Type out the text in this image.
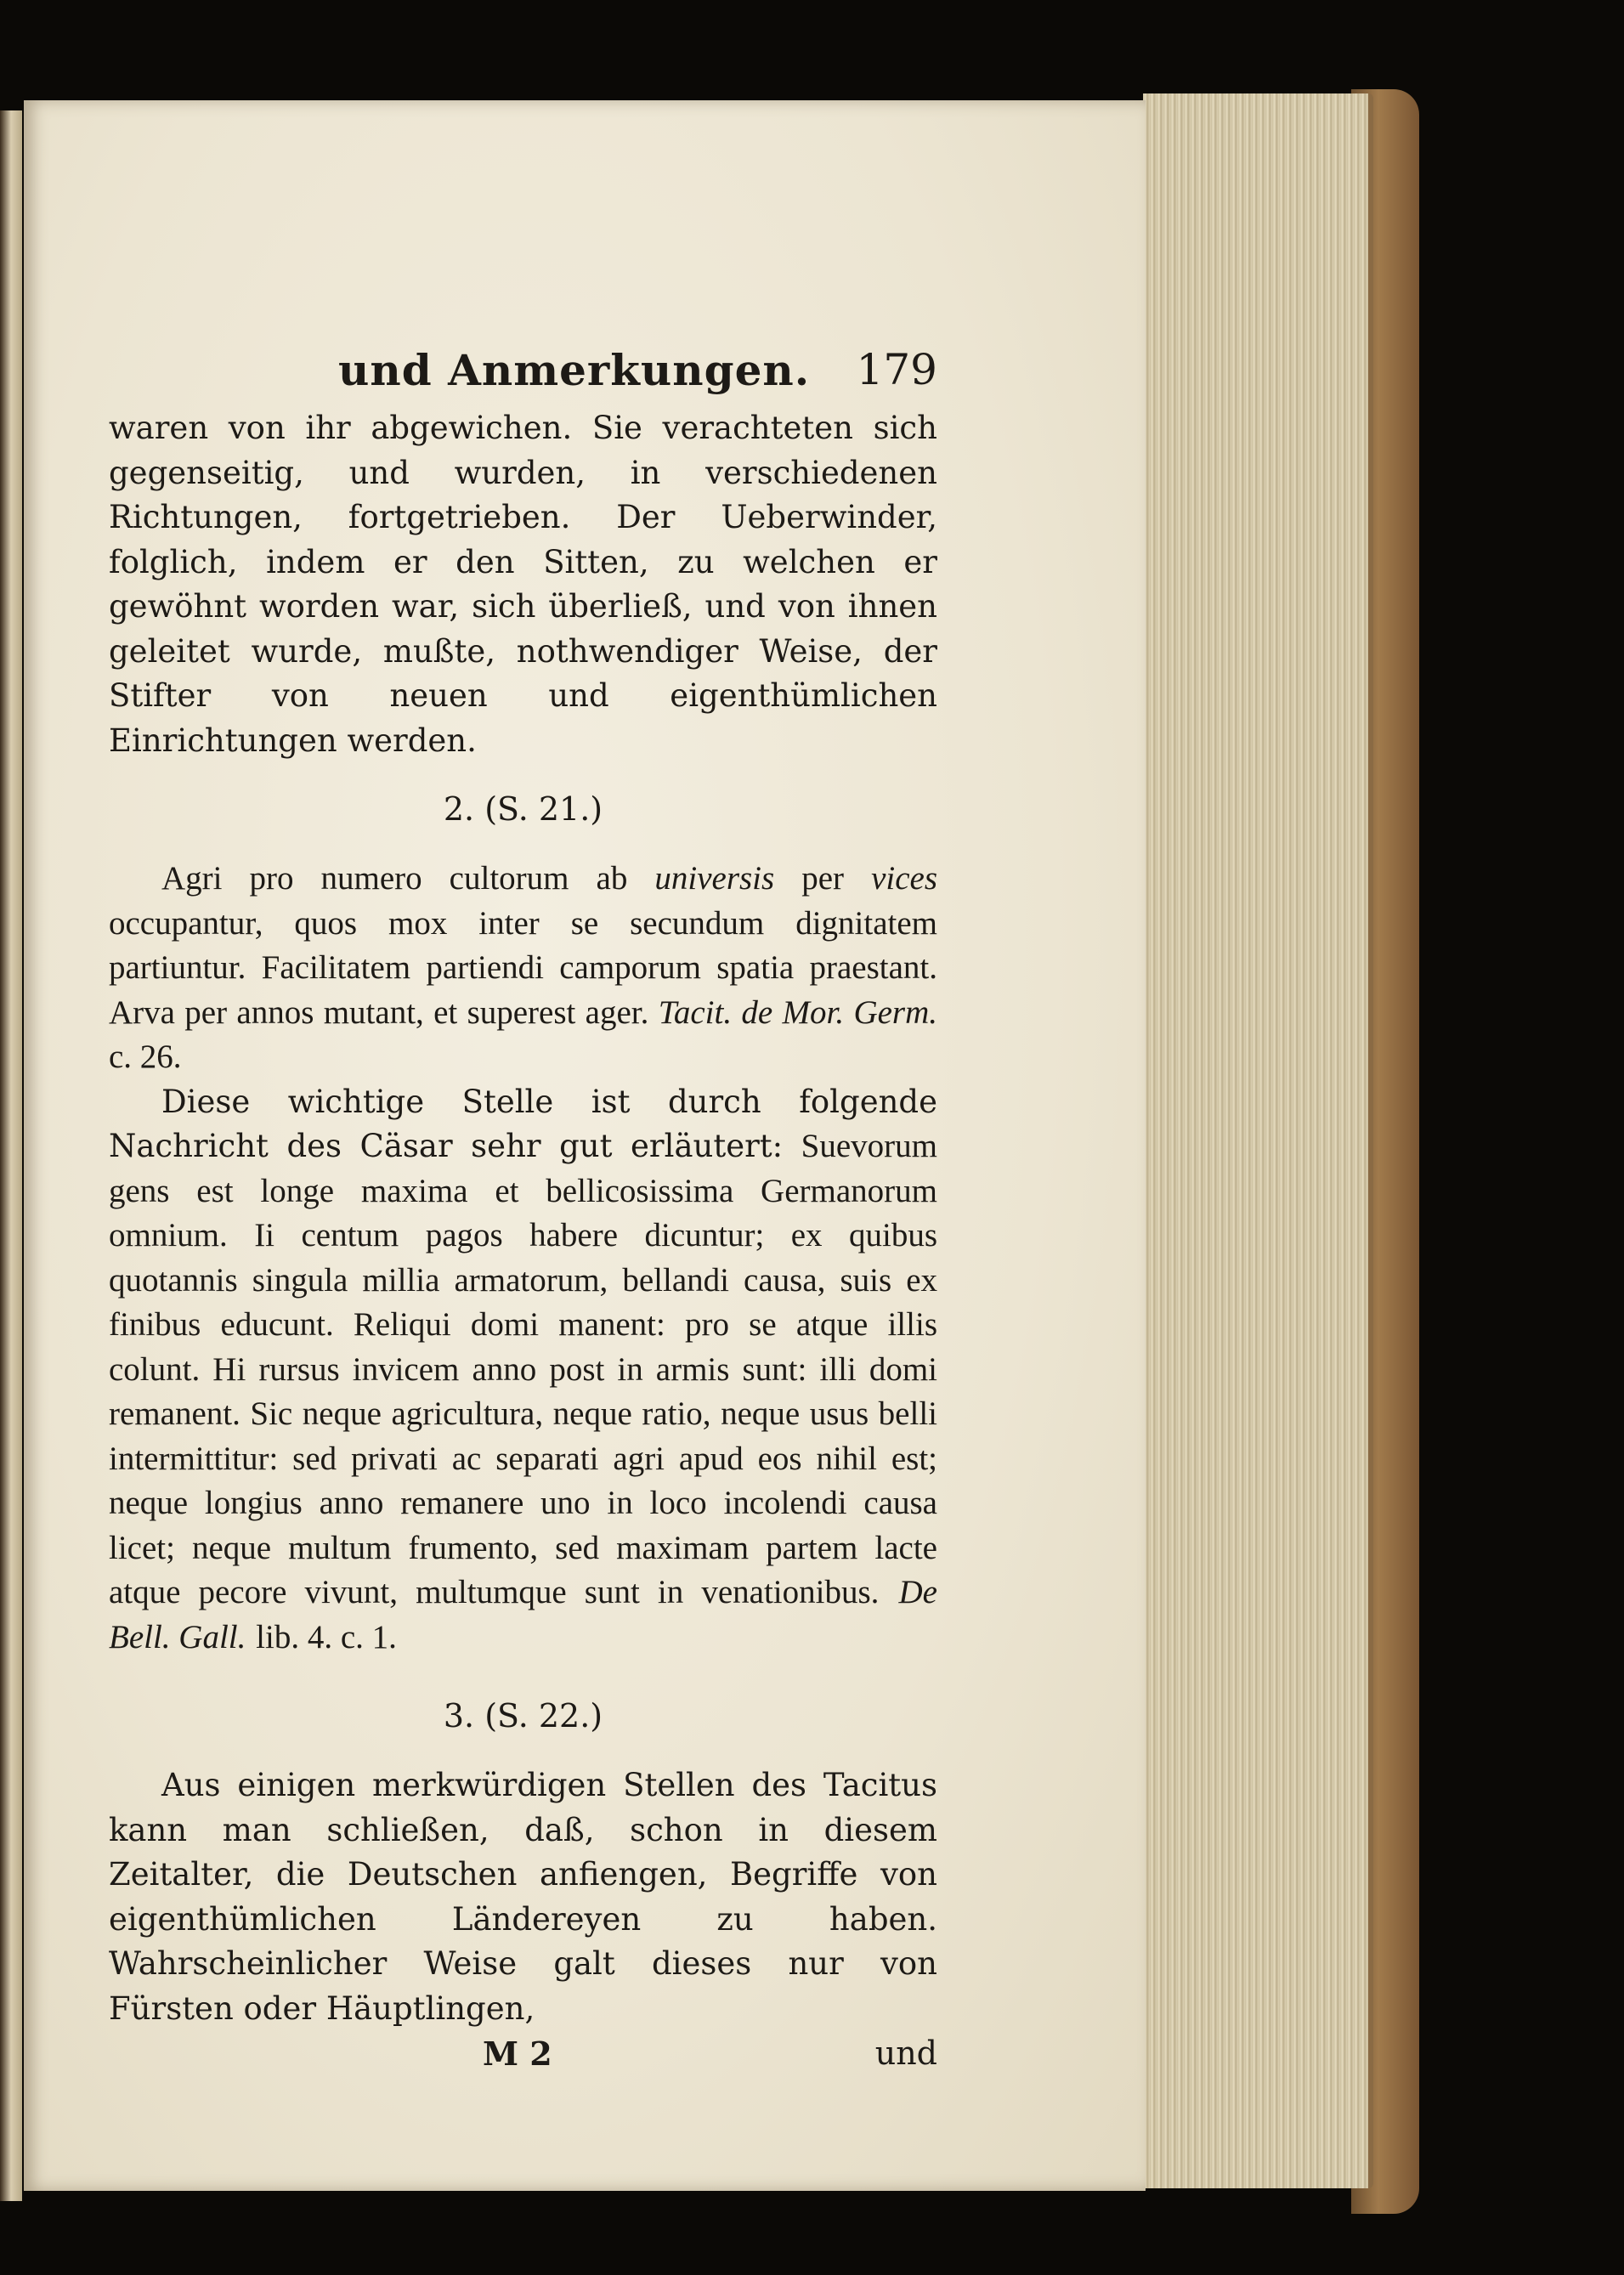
und Anmerkungen. 179

waren von ihr abgewichen. Sie verachteten sich gegenseitig, und wurden, in verschiedenen Richtungen, fortgetrieben. Der Ueberwinder, folglich, indem er den Sitten, zu welchen er gewöhnt worden war, sich überließ, und von ihnen geleitet wurde, mußte, nothwendiger Weise, der Stifter von neuen und eigenthümlichen Einrichtungen werden.

2. (S. 21.)

Agri pro numero cultorum ab universis per vices occupantur, quos mox inter se secundum dignitatem partiuntur. Facilitatem partiendi camporum spatia praestant. Arva per annos mutant, et superest ager. Tacit. de Mor. Germ. c. 26.

Diese wichtige Stelle ist durch folgende Nachricht des Cäsar sehr gut erläutert: Suevorum gens est longe maxima et bellicosissima Germanorum omnium. Ii centum pagos habere dicuntur; ex quibus quotannis singula millia armatorum, bellandi causa, suis ex finibus educunt. Reliqui domi manent: pro se atque illis colunt. Hi rursus invicem anno post in armis sunt: illi domi remanent. Sic neque agricultura, neque ratio, neque usus belli intermittitur: sed privati ac separati agri apud eos nihil est; neque longius anno remanere uno in loco incolendi causa licet; neque multum frumento, sed maximam partem lacte atque pecore vivunt, multumque sunt in venationibus. De Bell. Gall. lib. 4. c. 1.

3. (S. 22.)

Aus einigen merkwürdigen Stellen des Tacitus kann man schließen, daß, schon in diesem Zeitalter, die Deutschen anfiengen, Begriffe von eigenthümlichen Ländereyen zu haben. Wahrscheinlicher Weise galt dieses nur von Fürsten oder Häuptlingen,

M 2	und
